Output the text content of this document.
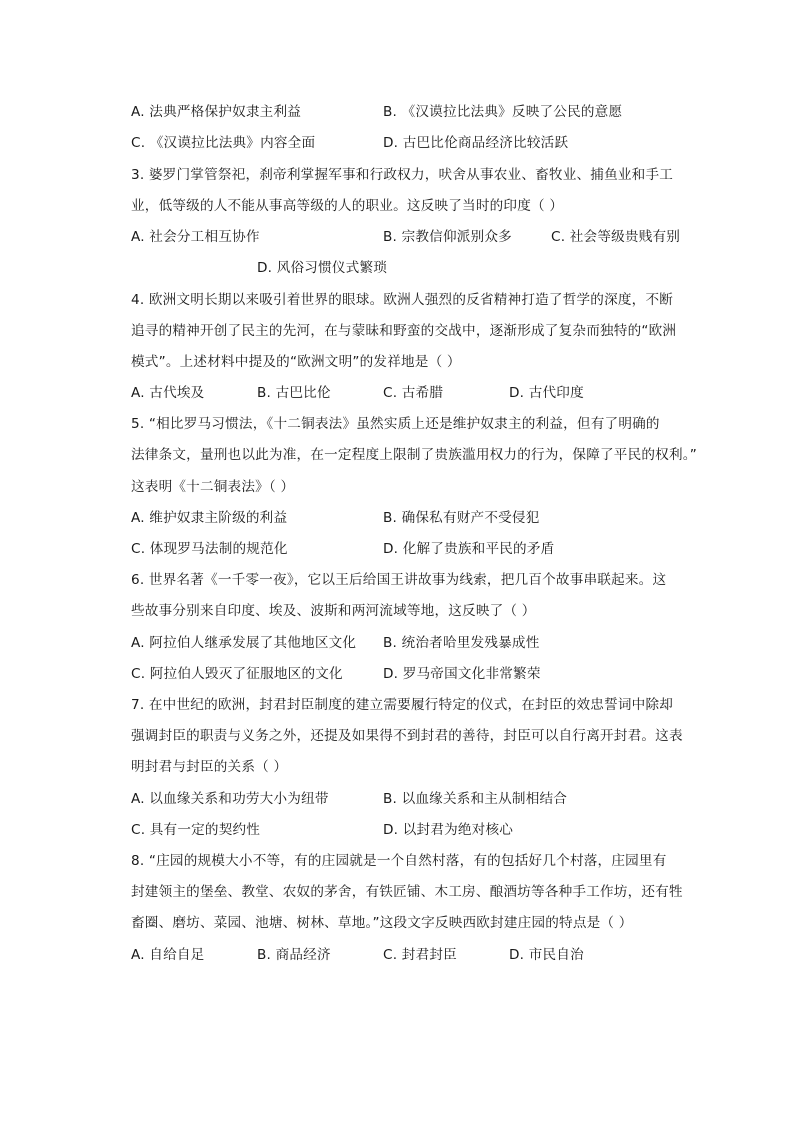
A. 法典严格保护奴隶主利益	B. 《汉谟拉比法典》反映了公民的意愿
C. 《汉谟拉比法典》内容全面	D. 古巴比伦商品经济比较活跃
3. 婆罗门掌管祭祀，刹帝利掌握军事和行政权力，吠舍从事农业、畜牧业、捕鱼业和手工
业，低等级的人不能从事高等级的人的职业。这反映了当时的印度（ ）
A. 社会分工相互协作	B. 宗教信仰派别众多	C. 社会等级贵贱有别
D. 风俗习惯仪式繁琐
4. 欧洲文明长期以来吸引着世界的眼球。欧洲人强烈的反省精神打造了哲学的深度，不断
追寻的精神开创了民主的先河，在与蒙昧和野蛮的交战中，逐渐形成了复杂而独特的“欧洲
模式”。上述材料中提及的“欧洲文明”的发祥地是（ ）
A. 古代埃及	B. 古巴比伦	C. 古希腊	D. 古代印度
5. “相比罗马习惯法，《十二铜表法》虽然实质上还是维护奴隶主的利益，但有了明确的
法律条文，量刑也以此为准，在一定程度上限制了贵族滥用权力的行为，保障了平民的权利。”
这表明《十二铜表法》（ ）
A. 维护奴隶主阶级的利益	B. 确保私有财产不受侵犯
C. 体现罗马法制的规范化	D. 化解了贵族和平民的矛盾
6. 世界名著《一千零一夜》，它以王后给国王讲故事为线索，把几百个故事串联起来。这
些故事分别来自印度、埃及、波斯和两河流域等地，这反映了（ ）
A. 阿拉伯人继承发展了其他地区文化 B. 统治者哈里发残暴成性
C. 阿拉伯人毁灭了征服地区的文化	D. 罗马帝国文化非常繁荣
7. 在中世纪的欧洲，封君封臣制度的建立需要履行特定的仪式，在封臣的效忠誓词中除却
强调封臣的职责与义务之外，还提及如果得不到封君的善待，封臣可以自行离开封君。这表
明封君与封臣的关系（ ）
A. 以血缘关系和功劳大小为纽带	B. 以血缘关系和主从制相结合
C. 具有一定的契约性	D. 以封君为绝对核心
8. “庄园的规模大小不等，有的庄园就是一个自然村落，有的包括好几个村落，庄园里有
封建领主的堡垒、教堂、农奴的茅舍，有铁匠铺、木工房、酿酒坊等各种手工作坊，还有牲
畜圈、磨坊、菜园、池塘、树林、草地。”这段文字反映西欧封建庄园的特点是（ ）
A. 自给自足	B. 商品经济	C. 封君封臣	D. 市民自治
